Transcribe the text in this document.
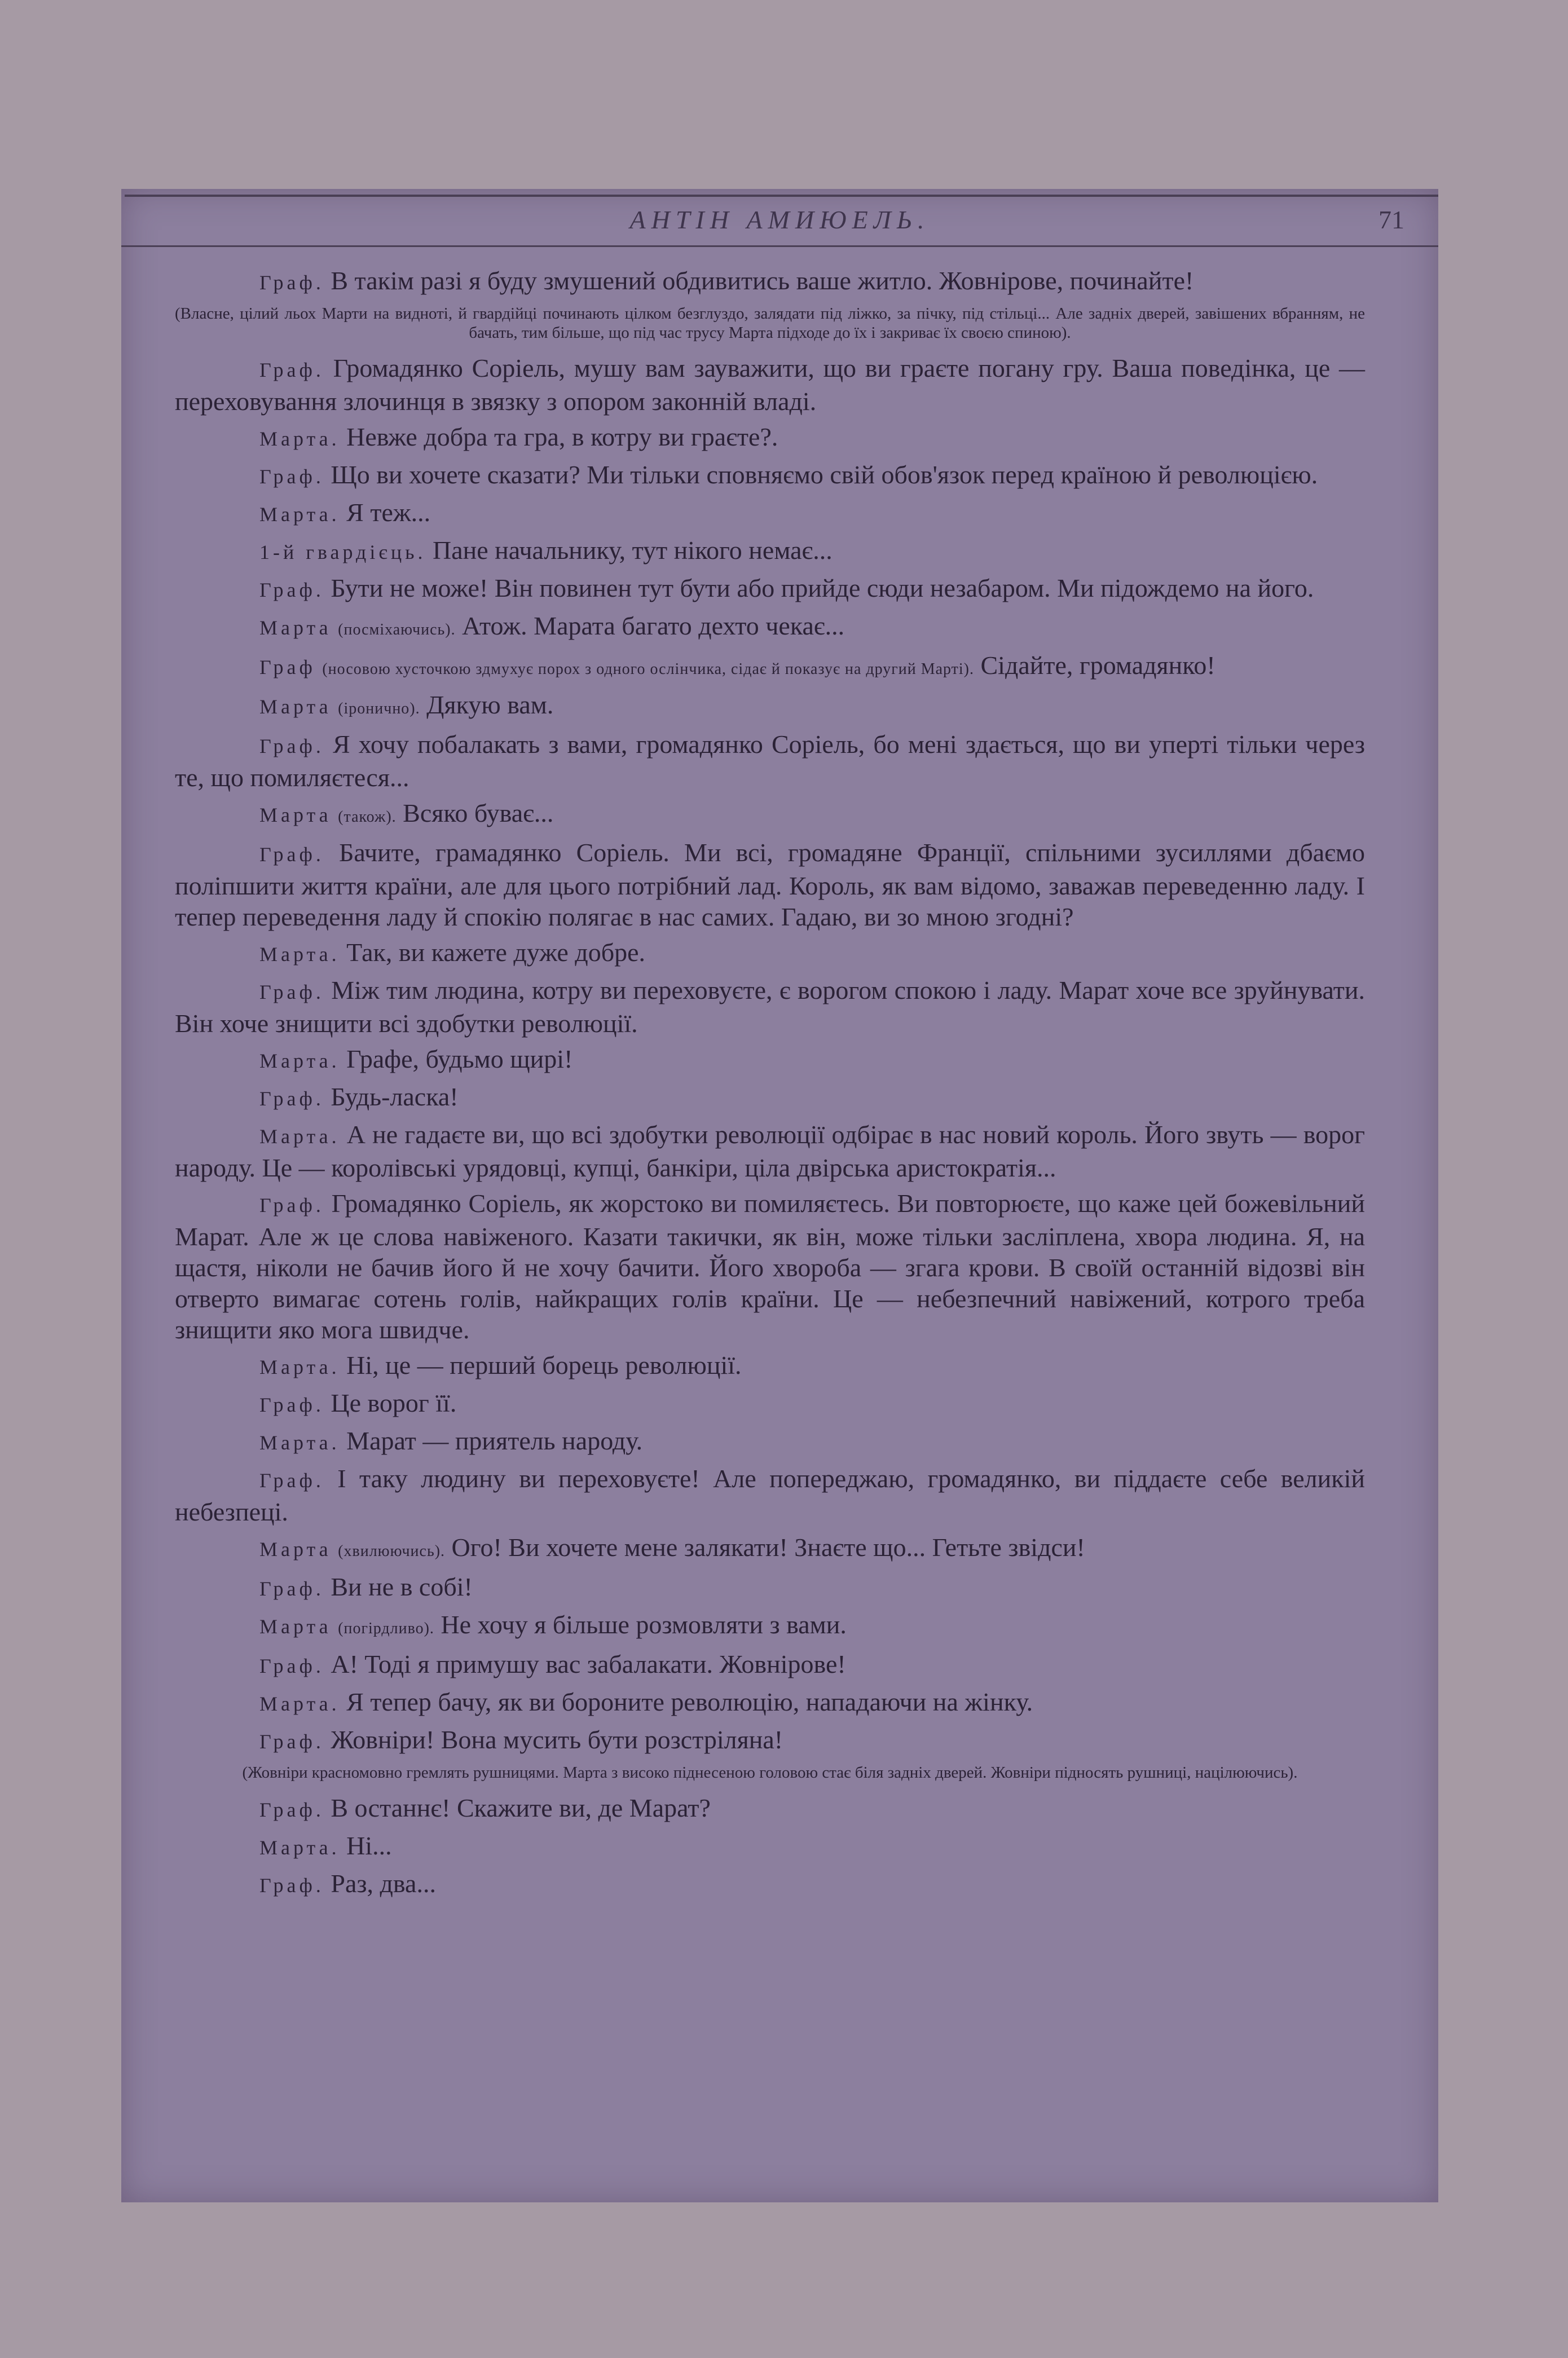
АНТІН АМИЮЕЛЬ.	71
Граф. В такім разі я буду змушений обдивитись ваше житло. Жовнірове, починайте!
(Власне, цілий льох Марти на видноті, й гвардійці починають цілком безглуздо, залядати під ліжко, за пічку, під стільці... Але задніх дверей, завішених вбранням, не бачать, тим більше, що під час трусу Марта підходе до їх і закриває їх своєю спиною).
Граф. Громадянко Соріель, мушу вам зауважити, що ви граєте погану гру. Ваша поведінка, це — переховування злочинця в звязку з опором законній владі.
Марта. Невже добра та гра, в котру ви граєте?.
Граф. Що ви хочете сказати? Ми тільки сповняємо свій обов'язок перед країною й революцією.
Марта. Я теж...
1-й гвардієць. Пане начальнику, тут нікого немає...
Граф. Бути не може! Він повинен тут бути або прийде сюди незабаром. Ми підождемо на його.
Марта (посміхаючись). Атож. Марата багато дехто чекає...
Граф (носовою хусточкою здмухує порох з одного ослінчика, сідає й показує на другий Марті). Сідайте, громадянко!
Марта (іронично). Дякую вам.
Граф. Я хочу побалакать з вами, громадянко Соріель, бо мені здається, що ви уперті тільки через те, що помиляєтеся...
Марта (також). Всяко буває...
Граф. Бачите, грамадянко Соріель. Ми всі, громадяне Франції, спільними зусиллями дбаємо поліпшити життя країни, але для цього потрібний лад. Король, як вам відомо, заважав переведенню ладу. І тепер переведення ладу й спокію полягає в нас самих. Гадаю, ви зо мною згодні?
Марта. Так, ви кажете дуже добре.
Граф. Між тим людина, котру ви переховуєте, є ворогом спокою і ладу. Марат хоче все зруйнувати. Він хоче знищити всі здобутки революції.
Марта. Графе, будьмо щирі!
Граф. Будь-ласка!
Марта. А не гадаєте ви, що всі здобутки революції одбірає в нас новий король. Його звуть — ворог народу. Це — королівські урядовці, купці, банкіри, ціла двірська аристократія...
Граф. Громадянко Соріель, як жорстоко ви помиляєтесь. Ви повторюєте, що каже цей божевільний Марат. Але ж це слова навіженого. Казати такички, як він, може тільки засліплена, хвора людина. Я, на щастя, ніколи не бачив його й не хочу бачити. Його хвороба — згага крови. В своїй останній відозві він отверто вимагає сотень голів, найкращих голів країни. Це — небезпечний навіжений, котрого треба знищити яко мога швидче.
Марта. Ні, це — перший борець революції.
Граф. Це ворог її.
Марта. Марат — приятель народу.
Граф. І таку людину ви переховуєте! Але попереджаю, громадянко, ви піддаєте себе великій небезпеці.
Марта (хвилюючись). Ого! Ви хочете мене залякати! Знаєте що... Гетьте звідси!
Граф. Ви не в собі!
Марта (погірдливо). Не хочу я більше розмовляти з вами.
Граф. А! Тоді я примушу вас забалакати. Жовнірове!
Марта. Я тепер бачу, як ви бороните революцію, нападаючи на жінку.
Граф. Жовніри! Вона мусить бути розстріляна!
(Жовніри красномовно гремлять рушницями. Марта з високо піднесеною головою стає біля задніх дверей. Жовніри підносять рушниці, націлюючись).
Граф. В останнє! Скажите ви, де Марат?
Марта. Ні...
Граф. Раз, два...
